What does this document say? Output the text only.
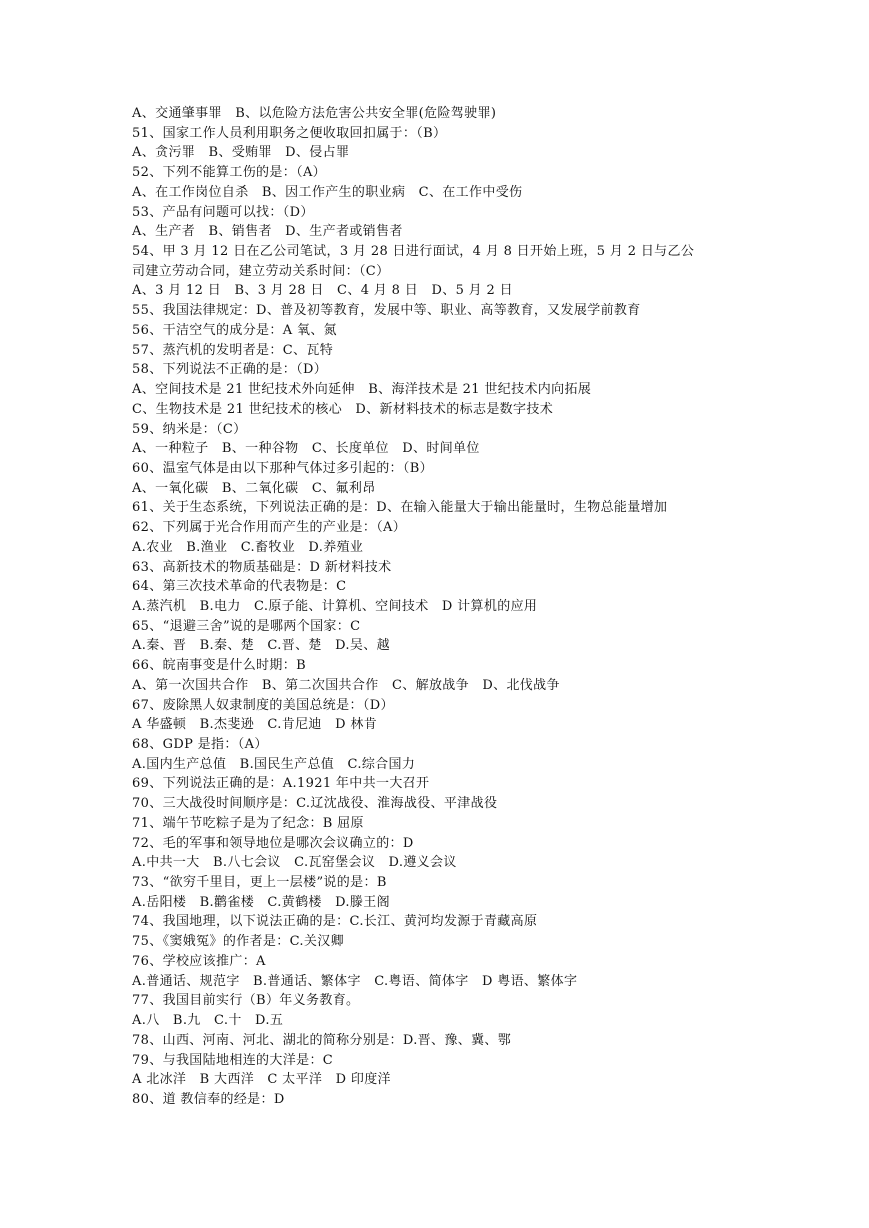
A、交通肇事罪　B、以危险方法危害公共安全罪(危险驾驶罪)
51、国家工作人员利用职务之便收取回扣属于：（B）
A、贪污罪　B、受贿罪　D、侵占罪
52、下列不能算工伤的是：（A）
A、在工作岗位自杀　B、因工作产生的职业病　C、在工作中受伤
53、产品有问题可以找：（D）
A、生产者　B、销售者　D、生产者或销售者
54、甲 3 月 12 日在乙公司笔试，3 月 28 日进行面试，4 月 8 日开始上班，5 月 2 日与乙公
司建立劳动合同，建立劳动关系时间：（C）
A、3 月 12 日　B、3 月 28 日　C、4 月 8 日　D、5 月 2 日
55、我国法律规定：D、普及初等教育，发展中等、职业、高等教育，又发展学前教育
56、干洁空气的成分是：A 氧、氮
57、蒸汽机的发明者是：C、瓦特
58、下列说法不正确的是：（D）
A、空间技术是 21 世纪技术外向延伸　B、海洋技术是 21 世纪技术内向拓展
C、生物技术是 21 世纪技术的核心　D、新材料技术的标志是数字技术
59、纳米是：（C）
A、一种粒子　B、一种谷物　C、长度单位　D、时间单位
60、温室气体是由以下那种气体过多引起的：（B）
A、一氧化碳　B、二氧化碳　C、氟利昂
61、关于生态系统，下列说法正确的是：D、在输入能量大于输出能量时，生物总能量增加
62、下列属于光合作用而产生的产业是：（A）
A.农业　B.渔业　C.畜牧业　D.养殖业
63、高新技术的物质基础是：D 新材料技术
64、第三次技术革命的代表物是：C
A.蒸汽机　B.电力　C.原子能、计算机、空间技术　D 计算机的应用
65、“退避三舍”说的是哪两个国家：C
A.秦、晋　B.秦、楚　C.晋、楚　D.吴、越
66、皖南事变是什么时期：B
A、第一次国共合作　B、第二次国共合作　C、解放战争　D、北伐战争
67、废除黑人奴隶制度的美国总统是：（D）
A 华盛顿　B.杰斐逊　C.肯尼迪　D 林肯
68、GDP 是指：（A）
A.国内生产总值　B.国民生产总值　C.综合国力
69、下列说法正确的是：A.1921 年中共一大召开
70、三大战役时间顺序是：C.辽沈战役、淮海战役、平津战役
71、端午节吃粽子是为了纪念：B 屈原
72、毛的军事和领导地位是哪次会议确立的：D
A.中共一大　B.八七会议　C.瓦窑堡会议　D.遵义会议
73、“欲穷千里目，更上一层楼”说的是：B
A.岳阳楼　B.鹳雀楼　C.黄鹤楼　D.滕王阁
74、我国地理，以下说法正确的是：C.长江、黄河均发源于青藏高原
75、《窦娥冤》的作者是：C.关汉卿
76、学校应该推广：A
A.普通话、规范字　B.普通话、繁体字　C.粤语、简体字　D 粤语、繁体字
77、我国目前实行（B）年义务教育。
A.八　B.九　C.十　D.五
78、山西、河南、河北、湖北的简称分别是：D.晋、豫、冀、鄂
79、与我国陆地相连的大洋是：C
A 北冰洋　B 大西洋　C 太平洋　D 印度洋
80、道 教信奉的经是：D
